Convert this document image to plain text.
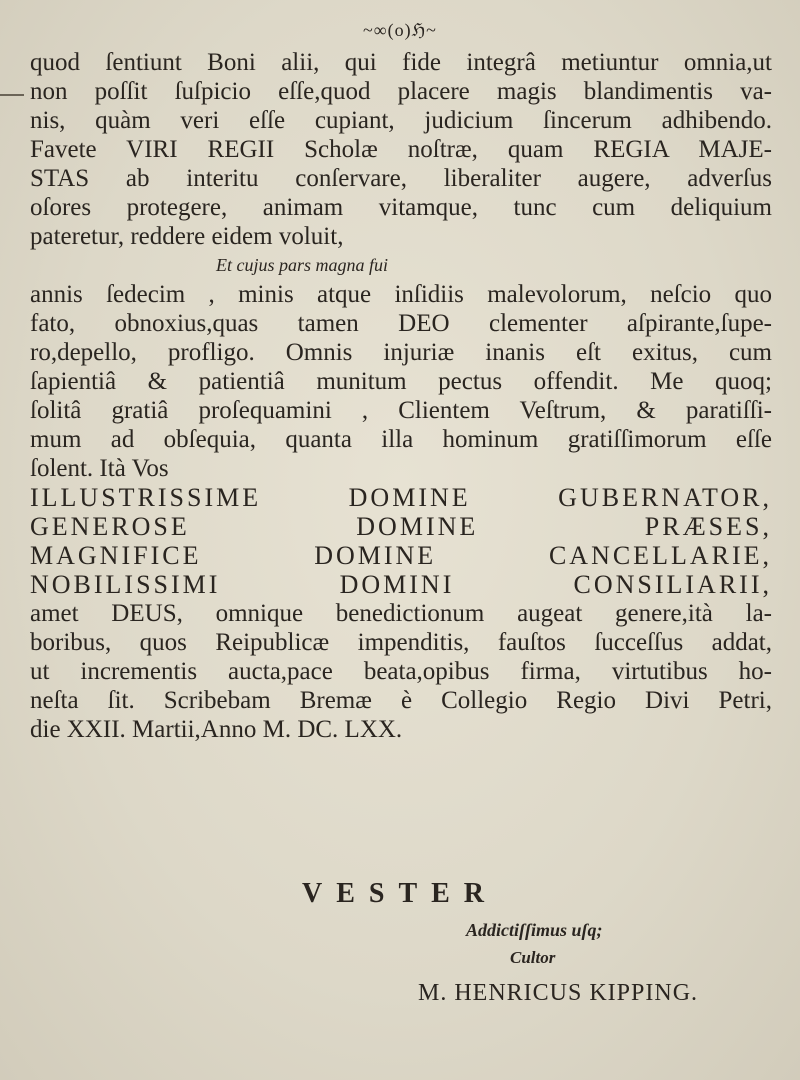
~∞(o)ℌ~
quod ſentiunt Boni alii, qui fide integrâ metiuntur omnia,ut
non poſſit ſuſpicio eſſe,quod placere magis blandimentis va-
nis, quàm veri eſſe cupiant, judicium ſincerum adhibendo.
Favete VIRI REGII Scholæ noſtræ, quam REGIA MAJE-
STAS ab interitu conſervare, liberaliter augere, adverſus
oſores protegere, animam vitamque, tunc cum deliquium
pateretur, reddere eidem voluit,
Et cujus pars magna fui
annis ſedecim , minis atque inſidiis malevolorum, neſcio quo
fato, obnoxius,quas tamen DEO clementer aſpirante,ſupe-
ro,depello, profligo. Omnis injuriæ inanis eſt exitus, cum
ſapientiâ & patientiâ munitum pectus offendit. Me quoq;
ſolitâ gratiâ proſequamini , Clientem Veſtrum, & paratiſſi-
mum ad obſequia, quanta illa hominum gratiſſimorum eſſe
ſolent. Ità Vos
ILLUSTRISSIME DOMINE GUBERNATOR,
GENEROSE DOMINE PRÆSES,
MAGNIFICE DOMINE CANCELLARIE,
NOBILISSIMI DOMINI CONSILIARII,
amet DEUS, omnique benedictionum augeat genere,ità la-
boribus, quos Reipublicæ impenditis, fauſtos ſucceſſus addat,
ut incrementis aucta,pace beata,opibus firma, virtutibus ho-
neſta ſit. Scribebam Bremæ è Collegio Regio Divi Petri,
die XXII. Martii,Anno M. DC. LXX.
VESTER
Addictiſſimus uſq;
Cultor
M. HENRICUS KIPPING.
